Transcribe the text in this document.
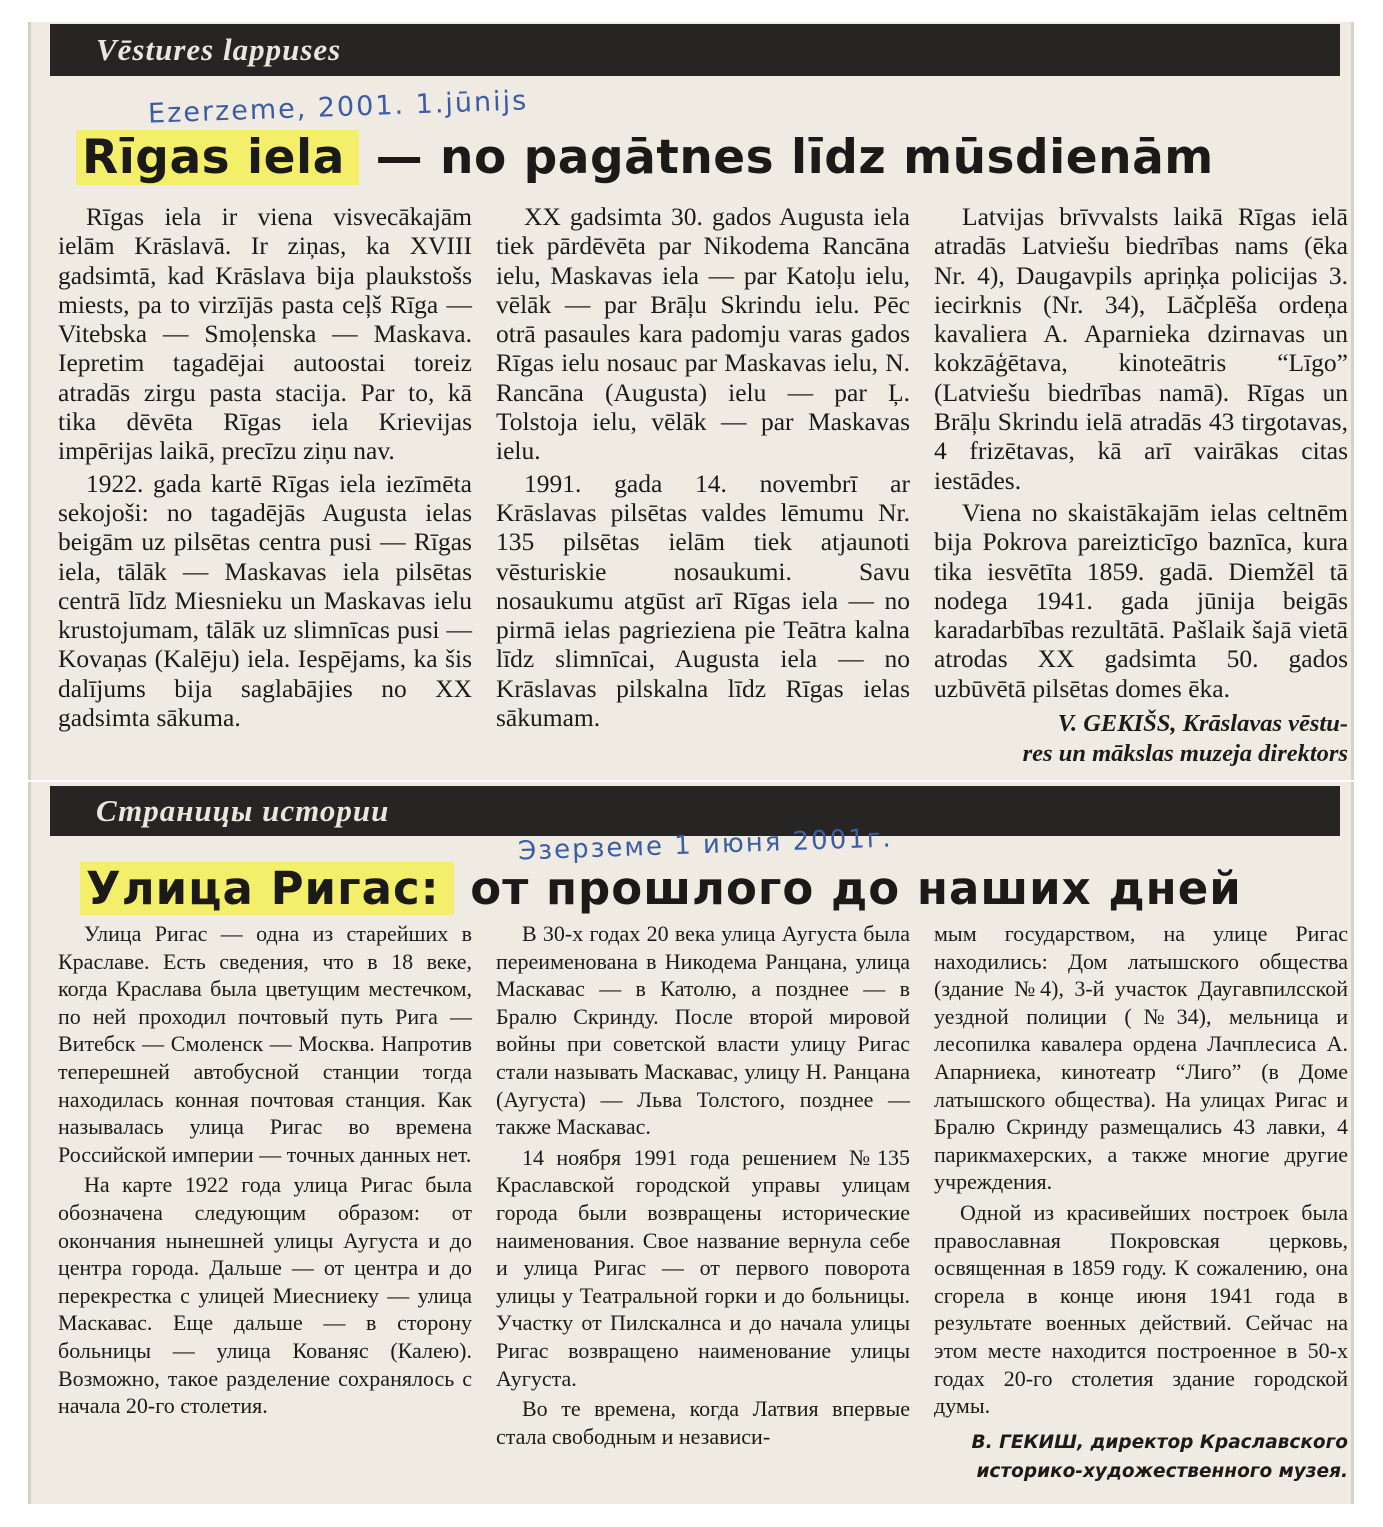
Vēstures lappuses
Ezerzeme, 2001. 1.jūnijs
Rīgas iela — no pagātnes līdz mūsdienām

Rīgas iela ir viena visvecākajām ielām Krāslavā. Ir ziņas, ka XVIII gadsimtā, kad Krāslava bija plaukstošs miests, pa to virzījās pasta ceļš Rīga — Vitebska — Smoļenska — Maskava. Iepretim tagadējai autoostai toreiz atradās zirgu pasta stacija. Par to, kā tika dēvēta Rīgas iela Krievijas impērijas laikā, precīzu ziņu nav.

1922. gada kartē Rīgas iela iezīmēta sekojoši: no tagadējās Augusta ielas beigām uz pilsētas centra pusi — Rīgas iela, tālāk — Maskavas iela pilsētas centrā līdz Miesnieku un Maskavas ielu krustojumam, tālāk uz slimnīcas pusi — Kovaņas (Kalēju) iela. Iespējams, ka šis dalījums bija saglabājies no XX gadsimta sākuma.

XX gadsimta 30. gados Augusta iela tiek pārdēvēta par Nikodema Rancāna ielu, Maskavas iela — par Katoļu ielu, vēlāk — par Brāļu Skrindu ielu. Pēc otrā pasaules kara padomju varas gados Rīgas ielu nosauc par Maskavas ielu, N. Rancāna (Augusta) ielu — par Ļ. Tolstoja ielu, vēlāk — par Maskavas ielu.

1991. gada 14. novembrī ar Krāslavas pilsētas valdes lēmumu Nr. 135 pilsētas ielām tiek atjaunoti vēsturiskie nosaukumi. Savu nosaukumu atgūst arī Rīgas iela — no pirmā ielas pagrieziena pie Teātra kalna līdz slimnīcai, Augusta iela — no Krāslavas pilskalna līdz Rīgas ielas sākumam.

Latvijas brīvvalsts laikā Rīgas ielā atradās Latviešu biedrības nams (ēka Nr. 4), Daugavpils apriņķa policijas 3. iecirknis (Nr. 34), Lāčplēša ordeņa kavaliera A. Aparnieka dzirnavas un kokzāģētava, kinoteātris “Līgo” (Latviešu biedrības namā). Rīgas un Brāļu Skrindu ielā atradās 43 tirgotavas, 4 frizētavas, kā arī vairākas citas iestādes.

Viena no skaistākajām ielas celtnēm bija Pokrova pareizticīgo baznīca, kura tika iesvētīta 1859. gadā. Diemžēl tā nodega 1941. gada jūnija beigās karadarbības rezultātā. Pašlaik šajā vietā atrodas XX gadsimta 50. gados uzbūvētā pilsētas domes ēka.

V. GEKIŠS, Krāslavas vēstu-
res un mākslas muzeja direktors
Страницы истории
Эзерземе 1 июня 2001г.
Улица Ригас: от прошлого до наших дней

Улица Ригас — одна из старейших в Краславе. Есть сведения, что в 18 веке, когда Краслава была цветущим местечком, по ней проходил почтовый путь Рига — Витебск — Смоленск — Москва. Напротив теперешней автобусной станции тогда находилась конная почтовая станция. Как называлась улица Ригас во времена Российской империи — точных данных нет.

На карте 1922 года улица Ригас была обозначена следующим образом: от окончания нынешней улицы Аугуста и до центра города. Дальше — от центра и до перекрестка с улицей Миесниеку — улица Маскавас. Еще дальше — в сторону больницы — улица Кованяс (Калею). Возможно, такое разделение сохранялось с начала 20-го столетия.

В 30-х годах 20 века улица Аугуста была переименована в Никодема Ранцана, улица Маскавас — в Католю, а позднее — в Бралю Скринду. После второй мировой войны при советской власти улицу Ригас стали называть Маскавас, улицу Н. Ранцана (Аугуста) — Льва Толстого, позднее — также Маскавас.

14 ноября 1991 года решением №135 Краславской городской управы улицам города были возвращены исторические наименования. Свое название вернула себе и улица Ригас — от первого поворота улицы у Театральной горки и до больницы. Участку от Пилскалнса и до начала улицы Ригас возвращено наименование улицы Аугуста.

Во те времена, когда Латвия впервые стала свободным и независи-

мым государством, на улице Ригас находились: Дом латышского общества (здание №4), 3-й участок Даугавпилсской уездной полиции (№34), мельница и лесопилка кавалера ордена Лачплесиса А. Апарниека, кинотеатр “Лиго” (в Доме латышского общества). На улицах Ригас и Бралю Скринду размещались 43 лавки, 4 парикмахерских, а также многие другие учреждения.

Одной из красивейших построек была православная Покровская церковь, освященная в 1859 году. К сожалению, она сгорела в конце июня 1941 года в результате военных действий. Сейчас на этом месте находится построенное в 50-х годах 20-го столетия здание городской думы.

В. ГЕКИШ, директор Краславского
историко-художественного музея.
